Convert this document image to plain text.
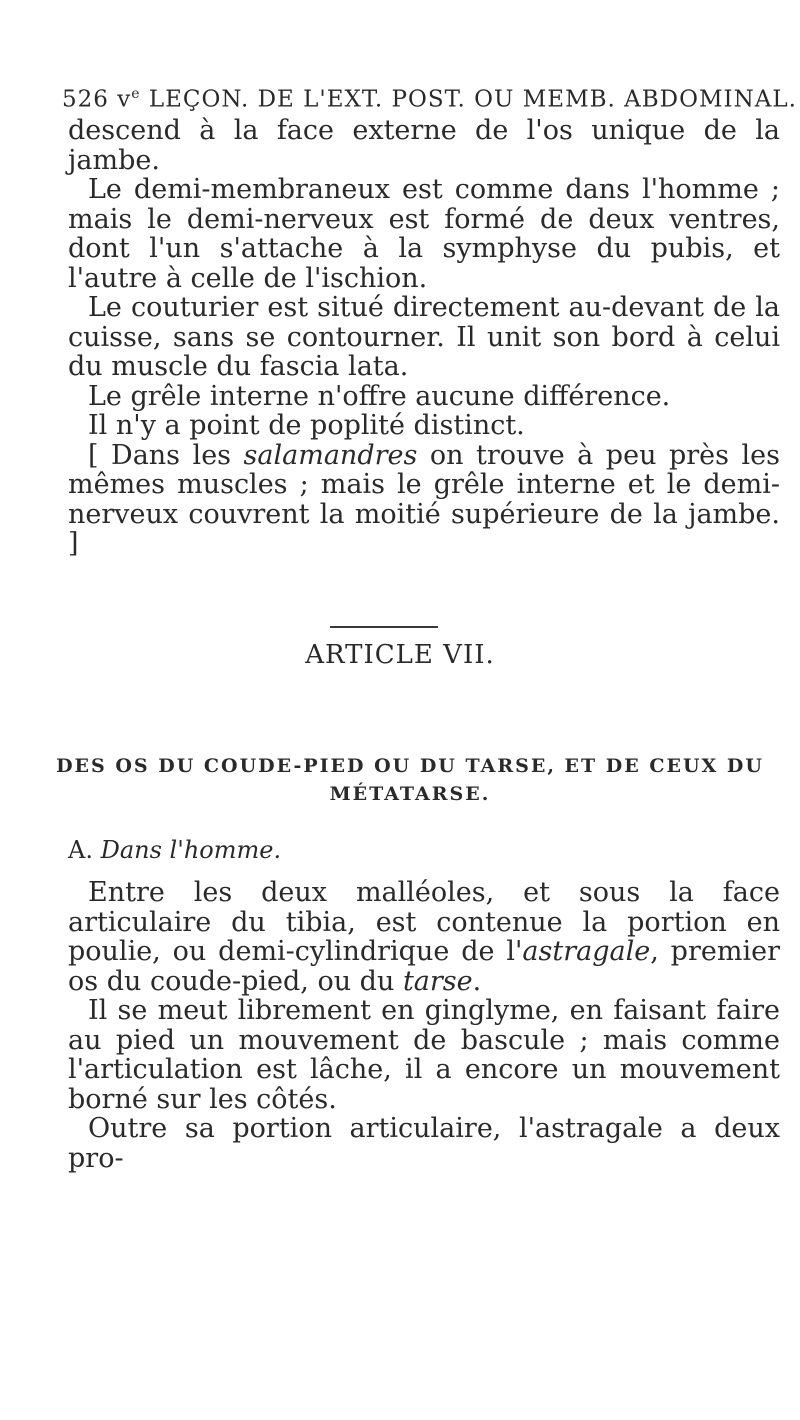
526 $v^e$ LEÇON. DE L'EXT. POST. OU MEMB. ABDOMINAL.

descend à la face externe de l'os unique de la jambe.

Le demi-membraneux est comme dans l'homme ; mais le demi-nerveux est formé de deux ventres, dont l'un s'attache à la symphyse du pubis, et l'autre à celle de l'ischion.

Le couturier est situé directement au-devant de la cuisse, sans se contourner. Il unit son bord à celui du muscle du fascia lata.

Le grêle interne n'offre aucune différence.

Il n'y a point de poplité distinct.

[ Dans les salamandres on trouve à peu près les mêmes muscles ; mais le grêle interne et le demi-nerveux couvrent la moitié supérieure de la jambe. ]

ARTICLE VII.
DES OS DU COUDE-PIED OU DU TARSE, ET DE CEUX DU MÉTATARSE.
A. Dans l'homme.

Entre les deux malléoles, et sous la face articulaire du tibia, est contenue la portion en poulie, ou demi-cylindrique de l'astragale, premier os du coude-pied, ou du tarse.

Il se meut librement en ginglyme, en faisant faire au pied un mouvement de bascule ; mais comme l'articulation est lâche, il a encore un mouvement borné sur les côtés.

Outre sa portion articulaire, l'astragale a deux pro-
